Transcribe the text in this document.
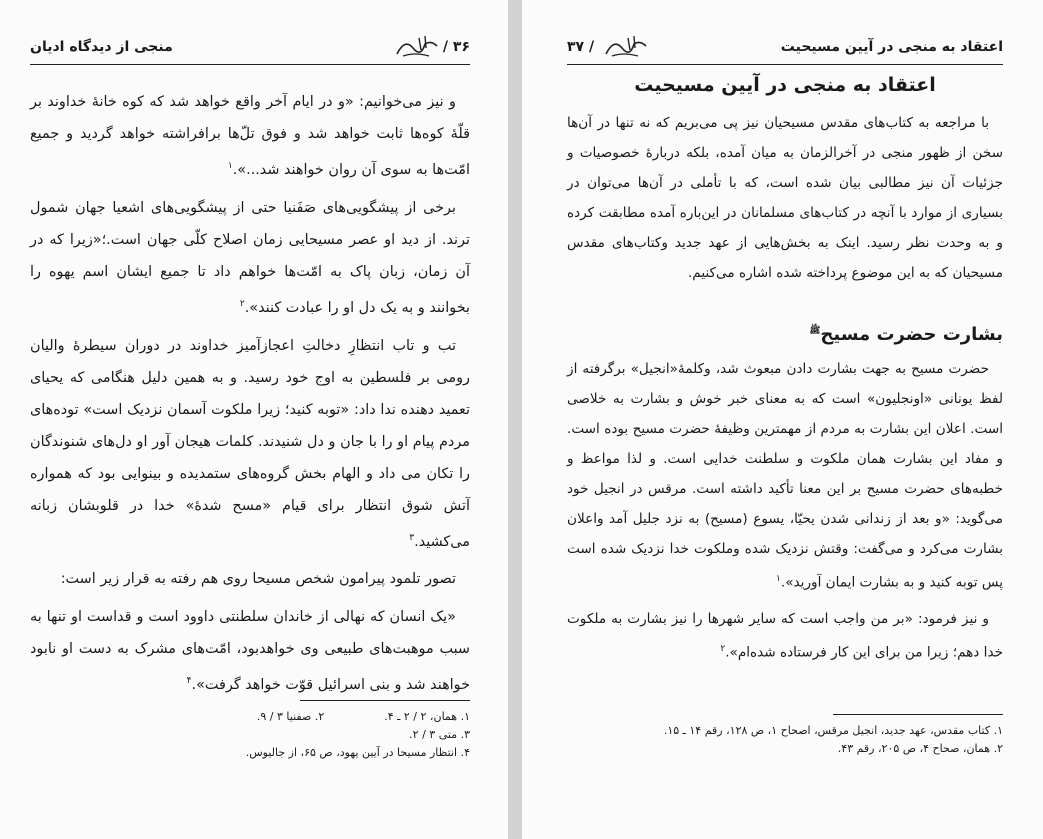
۳۶ /
منجی از دیدگاه ادیان

و نیز می‌خوانیم: «و در ایام آخر واقع خواهد شد که کوه خانهٔ خداوند بر قلّهٔ کوه‌ها ثابت خواهد شد و فوق تلّ‌ها برافراشته خواهد گردید و جمیع امّت‌ها به سوی آن روان خواهند شد...».$^۱$

برخی از پیشگویی‌های صَفَنیا حتی از پیشگویی‌های اشعیا جهان شمول ترند. از دید او عصر مسیحایی زمان اصلاح کلّی جهان است.؛«زیرا که در آن زمان، زبان پاک به امّت‌ها خواهم داد تا جمیع ایشان اسم یهوه را بخوانند و به یک دل او را عبادت کنند».$^۲$

تب و تاب انتظارِ دخالتِ اعجازآمیز خداوند در دوران سیطرهٔ والیان رومی بر فلسطین به اوج خود رسید. و به همین دلیل هنگامی که یحیای تعمید دهنده ندا داد: «توبه کنید؛ زیرا ملکوت آسمان نزدیک است» توده‌های مردم پیام او را با جان و دل شنیدند. کلمات هیجان آور او دل‌های شنوندگان را تکان می داد و الهام بخش گروه‌های ستمدیده و بینوایی بود که همواره آتش شوق انتظار برای قیام «مسح شدهٔ» خدا در قلوبشان زبانه می‌کشید.$^۳$

تصور تلمود پیرامون شخص مسیحا روی هم رفته به قرار زیر است:

«یک انسان که نهالی از خاندان سلطنتی داوود است و قداست او تنها به سبب موهبت‌های طبیعی وی خواهدبود، امّت‌های مشرک به دست او نابود خواهند شد و بنی اسرائیل قوّت خواهد گرفت».$^۴$

۱. همان، ۲ / ۲ ـ ۴.
۲. صفنیا ۳ / ۹.
۳. متی ۳ / ۲.
۴. انتظار مسیحا در آیین یهود، ص ۶۵، از جالیوس.
اعتقاد به منجی در آیین مسیحیت
/ ۳۷
اعتقاد به منجی در آیین مسیحیت

با مراجعه به کتاب‌های مقدس مسیحیان نیز پی می‌بریم که نه تنها در آن‌ها سخن از ظهور منجی در آخرالزمان به میان آمده، بلکه دربارهٔ خصوصیات و جزئیات آن نیز مطالبی بیان شده است، که با تأملی در آن‌ها می‌توان در بسیاری از موارد با آنچه در کتاب‌های مسلمانان در این‌باره آمده مطابقت کرده و به وحدت نظر رسید. اینک به بخش‌هایی از عهد جدید وکتاب‌های مقدس مسیحیان که به این موضوع پرداخته شده اشاره می‌کنیم.

بشارت حضرت مسیح$^ﷺ$

حضرت مسیح به جهت بشارت دادن مبعوث شد، وکلمهٔ«انجیل» برگرفته از لفظ یونانی «اونجلیون» است که به معنای خبر خوش و بشارت به خلاصی است. اعلان این بشارت به مردم از مهمترین وظیفهٔ حضرت مسیح بوده است. و مفاد این بشارت همان ملکوت و سلطنت خدایی است. و لذا مواعظ و خطبه‌های حضرت مسیح بر این معنا تأکید داشته است. مرقس در انجیل خود می‌گوید: «و بعد از زندانی شدن یحیّا، یسوع (مسیح) به نزد جلیل آمد واعلان بشارت می‌کرد و می‌گفت: وقتش نزدیک شده وملکوت خدا نزدیک شده است پس توبه کنید و به بشارت ایمان آورید».$^۱$

و نیز فرمود: «بر من واجب است که سایر شهرها را نیز بشارت به ملکوت خدا دهم؛ زیرا من برای این کار فرستاده شده‌ام».$^۲$

۱. کتاب مقدس، عهد جدید، انجیل مرقس، اصحاح ۱، ص ۱۲۸، رقم ۱۴ ـ ۱۵.
۲. همان، صحاح ۴، ص ۲۰۵، رقم ۴۳.
